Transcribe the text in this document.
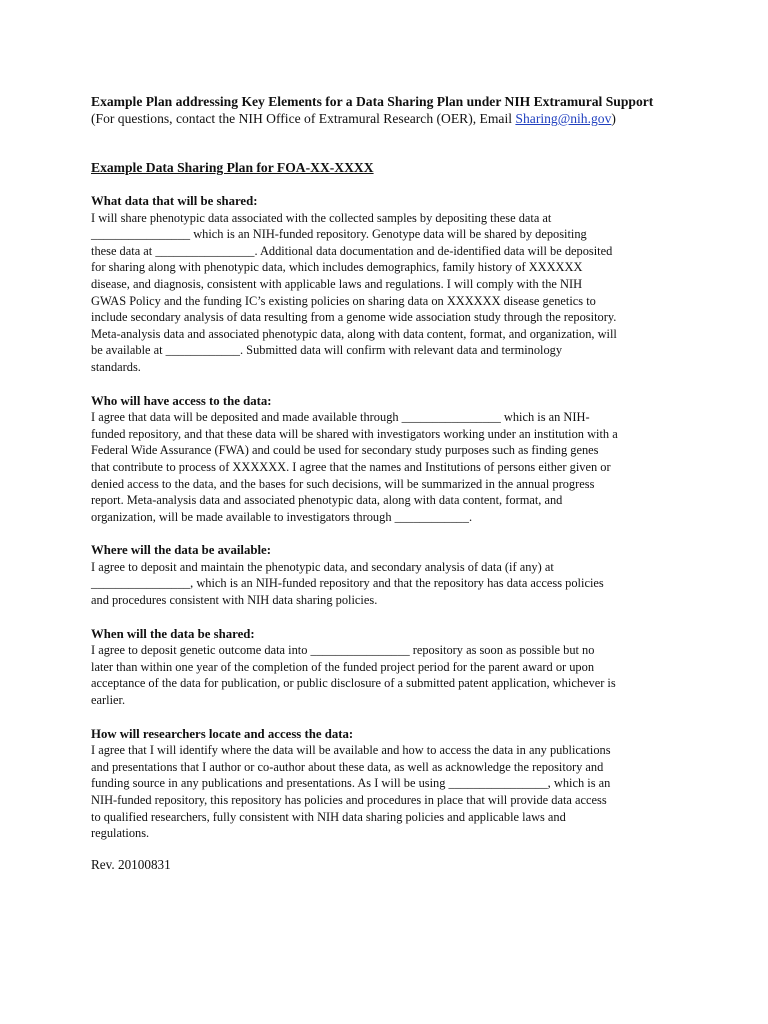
Example Plan addressing Key Elements for a Data Sharing Plan under NIH Extramural Support
(For questions, contact the NIH Office of Extramural Research (OER), Email Sharing@nih.gov)
Example Data Sharing Plan for FOA-XX-XXXX
What data that will be shared:
I will share phenotypic data associated with the collected samples by depositing these data at
________________ which is an NIH-funded repository. Genotype data will be shared by depositing
these data at ________________. Additional data documentation and de-identified data will be deposited
for sharing along with phenotypic data, which includes demographics, family history of XXXXXX
disease, and diagnosis, consistent with applicable laws and regulations. I will comply with the NIH
GWAS Policy and the funding IC’s existing policies on sharing data on XXXXXX disease genetics to
include secondary analysis of data resulting from a genome wide association study through the repository.
Meta-analysis data and associated phenotypic data, along with data content, format, and organization, will
be available at ____________. Submitted data will confirm with relevant data and terminology
standards.
Who will have access to the data:
I agree that data will be deposited and made available through ________________ which is an NIH-
funded repository, and that these data will be shared with investigators working under an institution with a
Federal Wide Assurance (FWA) and could be used for secondary study purposes such as finding genes
that contribute to process of XXXXXX. I agree that the names and Institutions of persons either given or
denied access to the data, and the bases for such decisions, will be summarized in the annual progress
report. Meta-analysis data and associated phenotypic data, along with data content, format, and
organization, will be made available to investigators through ____________.
Where will the data be available:
I agree to deposit and maintain the phenotypic data, and secondary analysis of data (if any) at
________________, which is an NIH-funded repository and that the repository has data access policies
and procedures consistent with NIH data sharing policies.
When will the data be shared:
I agree to deposit genetic outcome data into ________________ repository as soon as possible but no
later than within one year of the completion of the funded project period for the parent award or upon
acceptance of the data for publication, or public disclosure of a submitted patent application, whichever is
earlier.
How will researchers locate and access the data:
I agree that I will identify where the data will be available and how to access the data in any publications
and presentations that I author or co-author about these data, as well as acknowledge the repository and
funding source in any publications and presentations. As I will be using ________________, which is an
NIH-funded repository, this repository has policies and procedures in place that will provide data access
to qualified researchers, fully consistent with NIH data sharing policies and applicable laws and
regulations.
Rev. 20100831
